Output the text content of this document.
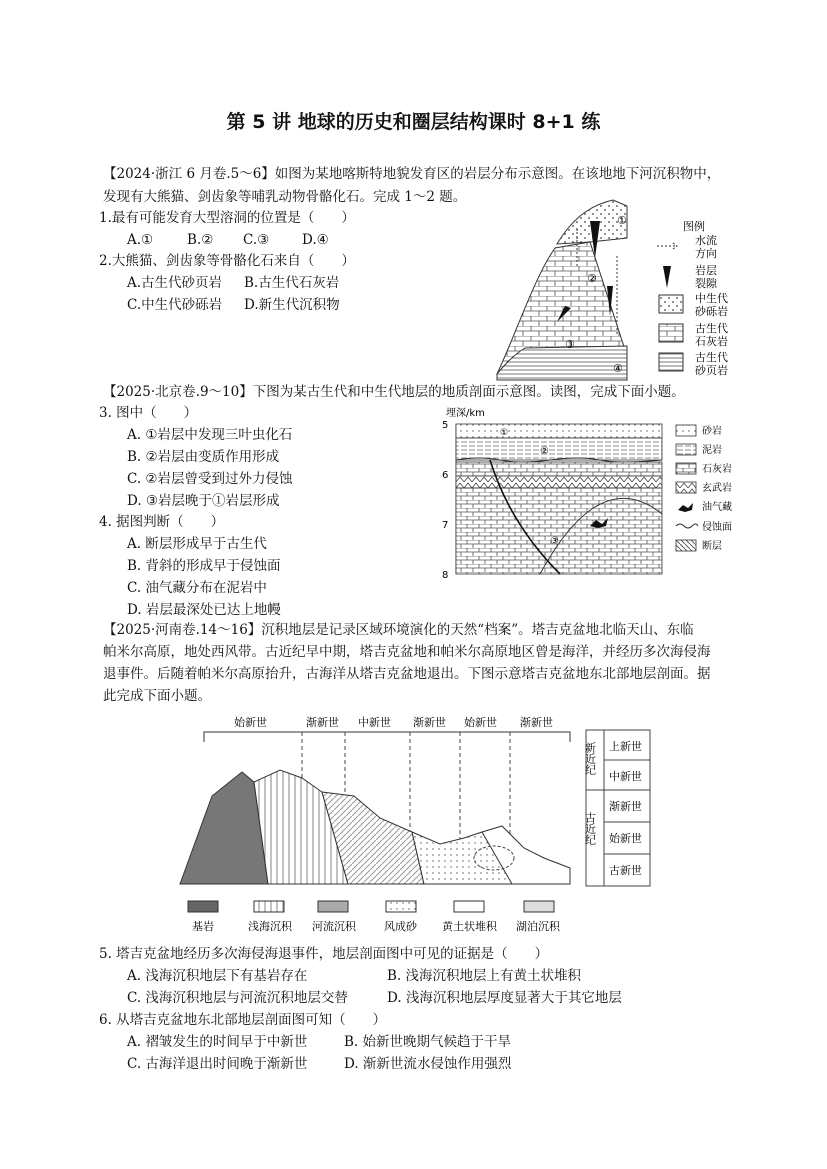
第 5 讲 地球的历史和圈层结构课时 8+1 练
【2024·浙江 6 月卷.5～6】如图为某地喀斯特地貌发育区的岩层分布示意图。在该地地下河沉积物中，
发现有大熊猫、剑齿象等哺乳动物骨骼化石。完成 1～2 题。
1.最有可能发育大型溶洞的位置是（　　）
A.①	B.② C.③ D.④
2.大熊猫、剑齿象等骨骼化石来自（　　）
A.古生代砂页岩 B.古生代石灰岩
C.中生代砂砾岩 D.新生代沉积物
①
②
③
④
图例
水流
方向
岩层
裂隙
中生代
砂砾岩
古生代
石灰岩
古生代
砂页岩
【2025·北京卷.9～10】下图为某古生代和中生代地层的地质剖面示意图。读图，完成下面小题。
3. 图中（　　）
A. ①岩层中发现三叶虫化石
B. ②岩层由变质作用形成
C. ②岩层曾受到过外力侵蚀
D. ③岩层晚于①岩层形成
4. 据图判断（　　）
A. 断层形成早于古生代
B. 背斜的形成早于侵蚀面
C. 油气藏分布在泥岩中
D. 岩层最深处已达上地幔
埋深/km
5
6
7
8
①
②
③
砂岩
泥岩
石灰岩
玄武岩
油气藏
侵蚀面
断层
【2025·河南卷.14～16】沉积地层是记录区域环境演化的天然“档案”。塔吉克盆地北临天山、东临
帕米尔高原，地处西风带。古近纪早中期，塔吉克盆地和帕米尔高原地区曾是海洋，并经历多次海侵海
退事件。后随着帕米尔高原抬升，古海洋从塔吉克盆地退出。下图示意塔吉克盆地东北部地层剖面。据
此完成下面小题。
始新世	渐新世 中新世 渐新世 始新世 渐新世
新近纪 上新世
中新世
古近纪
渐新世
始新世
古新世
基岩	浅海沉积 河流沉积	风成砂 黄土状堆积 湖泊沉积
5. 塔吉克盆地经历多次海侵海退事件，地层剖面图中可见的证据是（　　）
A. 浅海沉积地层下有基岩存在	B. 浅海沉积地层上有黄土状堆积
C. 浅海沉积地层与河流沉积地层交替	D. 浅海沉积地层厚度显著大于其它地层
6. 从塔吉克盆地东北部地层剖面图可知（　　）
A. 褶皱发生的时间早于中新世	B. 始新世晚期气候趋于干旱
C. 古海洋退出时间晚于渐新世	D. 渐新世流水侵蚀作用强烈
